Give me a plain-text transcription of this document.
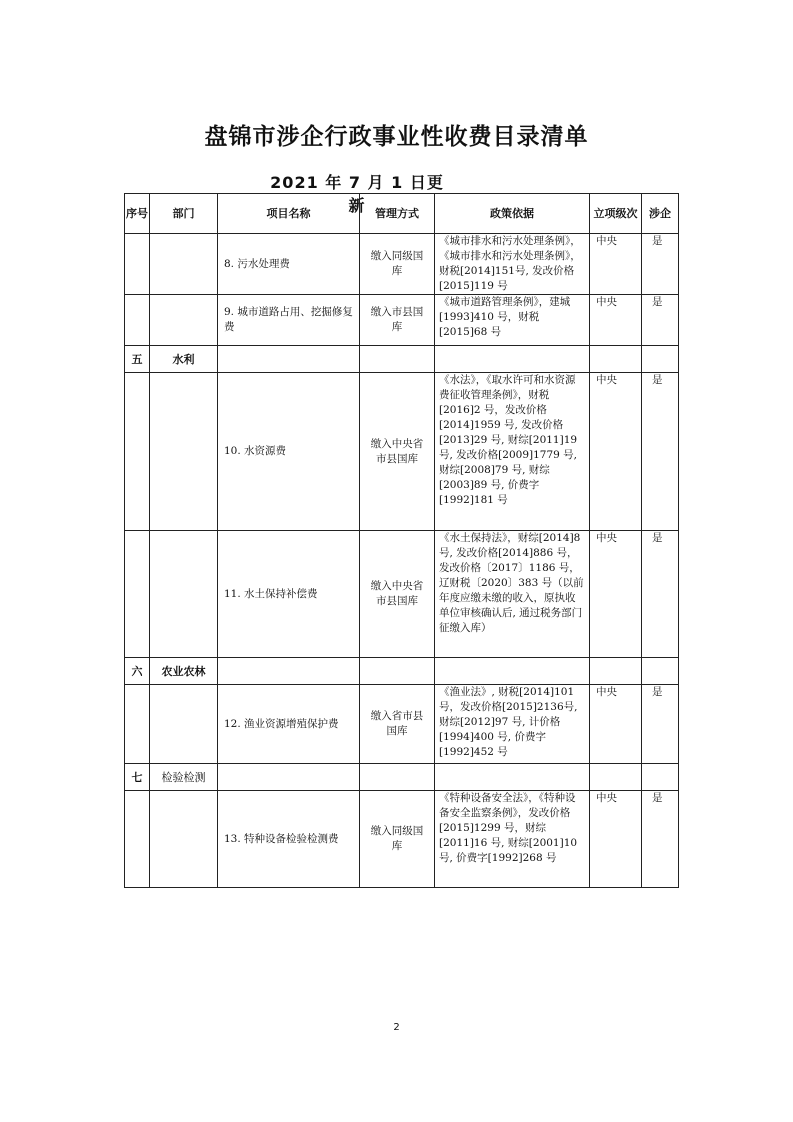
盘锦市涉企行政事业性收费目录清单
2021 年 7 月 1 日更新
序号	部门	项目名称	管理方式	政策依据	立项级次	涉企
		8. 污水处理费	缴入同级国库	《城市排水和污水处理条例》，《城市排水和污水处理条例》，财税[2014]151号, 发改价格[2015]119 号	中央	是
		9. 城市道路占用、挖掘修复费	缴入市县国库	《城市道路管理条例》，建城[1993]410 号，财税[2015]68 号	中央	是
五	水利					
		10. 水资源费	缴入中央省市县国库	《水法》，《取水许可和水资源费征收管理条例》，财税[2016]2 号，发改价格[2014]1959 号, 发改价格[2013]29 号, 财综[2011]19 号, 发改价格[2009]1779 号, 财综[2008]79 号, 财综[2003]89 号, 价费字[1992]181 号	中央	是
		11. 水土保持补偿费	缴入中央省市县国库	《水土保持法》，财综[2014]8 号, 发改价格[2014]886 号，发改价格〔2017〕1186 号，辽财税〔2020〕383 号（以前年度应缴未缴的收入，原执收单位审核确认后, 通过税务部门征缴入库）	中央	是
六	农业农林					
		12. 渔业资源增殖保护费	缴入省市县国库	《渔业法》, 财税[2014]101号，发改价格[2015]2136号, 财综[2012]97 号, 计价格[1994]400 号, 价费字[1992]452 号	中央	是
七	检验检测					
		13. 特种设备检验检测费	缴入同级国库	《特种设备安全法》，《特种设备安全监察条例》，发改价格[2015]1299 号，财综[2011]16 号, 财综[2001]10 号, 价费字[1992]268 号	中央	是
2
